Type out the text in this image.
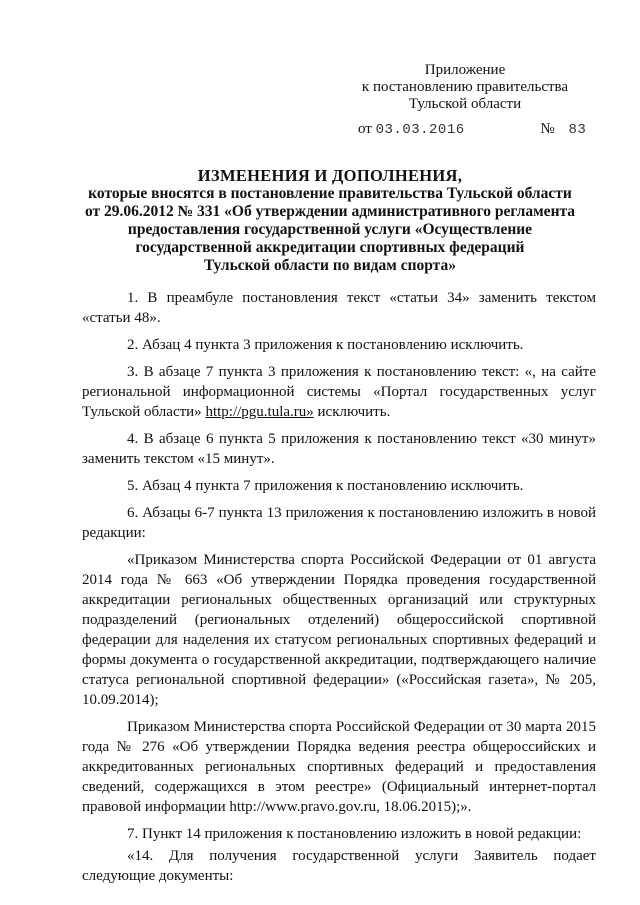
Приложение
к постановлению правительства
Тульской области
от 03.03.2016	№ 83
ИЗМЕНЕНИЯ И ДОПОЛНЕНИЯ,
которые вносятся в постановление правительства Тульской области
от 29.06.2012 № 331 «Об утверждении административного регламента
предоставления государственной услуги «Осуществление
государственной аккредитации спортивных федераций
Тульской области по видам спорта»

1. В преамбуле постановления текст «статьи 34» заменить текстом «статьи 48».

2. Абзац 4 пункта 3 приложения к постановлению исключить.

3. В абзаце 7 пункта 3 приложения к постановлению текст: «, на сайте региональной информационной системы «Портал государственных услуг Тульской области» http://pgu.tula.ru» исключить.

4. В абзаце 6 пункта 5 приложения к постановлению текст «30 минут» заменить текстом «15 минут».

5. Абзац 4 пункта 7 приложения к постановлению исключить.

6. Абзацы 6-7 пункта 13 приложения к постановлению изложить в новой редакции:

«Приказом Министерства спорта Российской Федерации от 01 августа 2014 года № 663 «Об утверждении Порядка проведения государственной аккредитации региональных общественных организаций или структурных подразделений (региональных отделений) общероссийской спортивной федерации для наделения их статусом региональных спортивных федераций и формы документа о государственной аккредитации, подтверждающего наличие статуса региональной спортивной федерации» («Российская газета», № 205, 10.09.2014);

Приказом Министерства спорта Российской Федерации от 30 марта 2015 года № 276 «Об утверждении Порядка ведения реестра общероссийских и аккредитованных региональных спортивных федераций и предоставления сведений, содержащихся в этом реестре» (Официальный интернет-портал правовой информации http://www.pravo.gov.ru, 18.06.2015);».

7. Пункт 14 приложения к постановлению изложить в новой редакции:

«14. Для получения государственной услуги Заявитель подает следующие документы:
